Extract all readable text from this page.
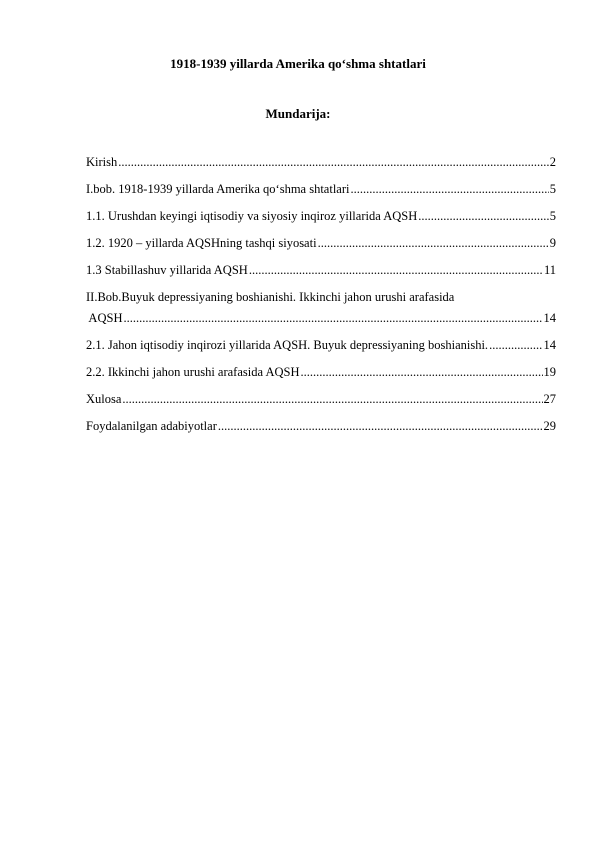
1918-1939 yillarda Amerika qo‘shma shtatlari
Mundarija:
Kirish .....	2
I.bob. 1918-1939 yillarda Amerika qo‘shma shtatlari .....	5
1.1. Urushdan keyingi iqtisodiy va siyosiy inqiroz yillarida AQSH .....	5
1.2. 1920 – yillarda AQSHning tashqi siyosati .....	9
1.3 Stabillashuv yillarida AQSH .....	11
II.Bob.Buyuk depressiyaning boshianishi. Ikkinchi jahon urushi arafasida
AQSH .....	14
2.1. Jahon iqtisodiy inqirozi yillarida AQSH. Buyuk depressiyaning boshianishi. .....	14
2.2. Ikkinchi jahon urushi arafasida AQSH .....	19
Xulosa .....	27
Foydalanilgan adabiyotlar .....	29
